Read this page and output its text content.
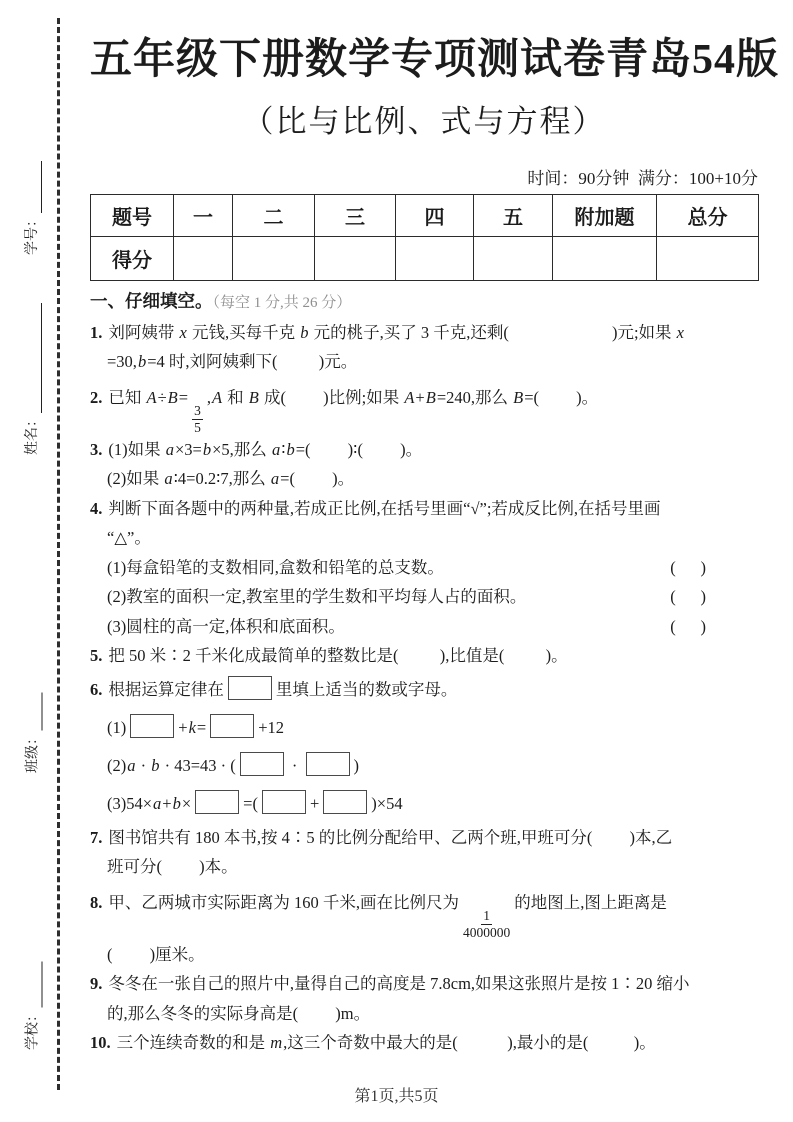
学号：
姓名：
班级：
学校：
五年级下册数学专项测试卷青岛54版
（比与比例、式与方程）
时间：90分钟  满分：100+10分
题号	一	二	三	四	五	附加题	总分
得分							
一、仔细填空。（每空 1 分,共 26 分）
1. 刘阿姨带 x 元钱,买每千克 b 元的桃子,买了 3 千克,还剩(                         )元;如果 x
=30,b=4 时,刘阿姨剩下(          )元。
2. 已知 A÷B=
$\frac{3}{5}$
,A 和 B 成(         )比例;如果 A+B=240,那么 B=(         )。
3. (1)如果 a×3=b×5,那么 a∶b=(         )∶(         )。
(2)如果 a∶4=0.2∶7,那么 a=(         )。
4. 判断下面各题中的两种量,若成正比例,在括号里画“√”;若成反比例,在括号里画
“△”。
(1)每盒铅笔的支数相同,盒数和铅笔的总支数。	(      )
(2)教室的面积一定,教室里的学生数和平均每人占的面积。	(      )
(3)圆柱的高一定,体积和底面积。	(      )
5. 把 50 米∶2 千米化成最简单的整数比是(          ),比值是(          )。
6. 根据运算定律在	里填上适当的数或字母。
(1)	+k=	+12
(2)a · b · 43=43 · (	·	)
(3)54×a+b×	=(	+	)×54
7. 图书馆共有 180 本书,按 4∶5 的比例分配给甲、乙两个班,甲班可分(         )本,乙
班可分(         )本。
8. 甲、乙两城市实际距离为 160 千米,画在比例尺为
$\frac{1}{4000000}$
的地图上,图上距离是
(         )厘米。
9. 冬冬在一张自己的照片中,量得自己的高度是 7.8cm,如果这张照片是按 1∶20 缩小
的,那么冬冬的实际身高是(         )m。
10. 三个连续奇数的和是 m,这三个奇数中最大的是(            ),最小的是(           )。
第1页,共5页
